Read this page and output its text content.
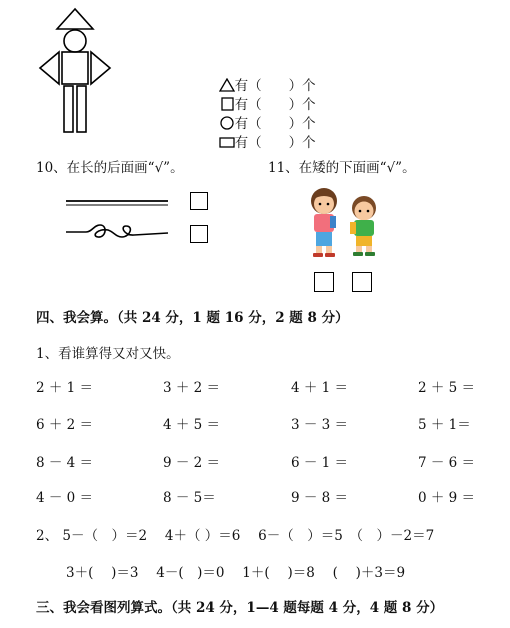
有（　　）个

有（　　）个

有（　　）个

有（　　）个

10、在长的后面画“√”。	11、在矮的下面画“√”。
四、我会算。（共 24 分，1 题 16 分，2 题 8 分）
1、看谁算得又对又快。
2 ＋ 1 ＝	3 ＋ 2 ＝	4 ＋ 1 ＝	2 ＋ 5 ＝
6 ＋ 2 ＝	4 ＋ 5 ＝	3 － 3 ＝	5 ＋ 1＝
8 － 4 ＝	9 － 2 ＝	6 － 1 ＝	7 － 6 ＝
4 － 0 ＝	8 － 5＝	9 － 8 ＝	0 ＋ 9 ＝
2、 5－（　）＝2　 4＋（ ）＝6　 6－（　）＝5　（　）－2＝7
3＋(　 )＝3　 4－(　)＝0　 1＋(　 )＝8　 (　 )＋3＝9
三、我会看图列算式。（共 24 分，1—4 题每题 4 分，4 题 8 分）
